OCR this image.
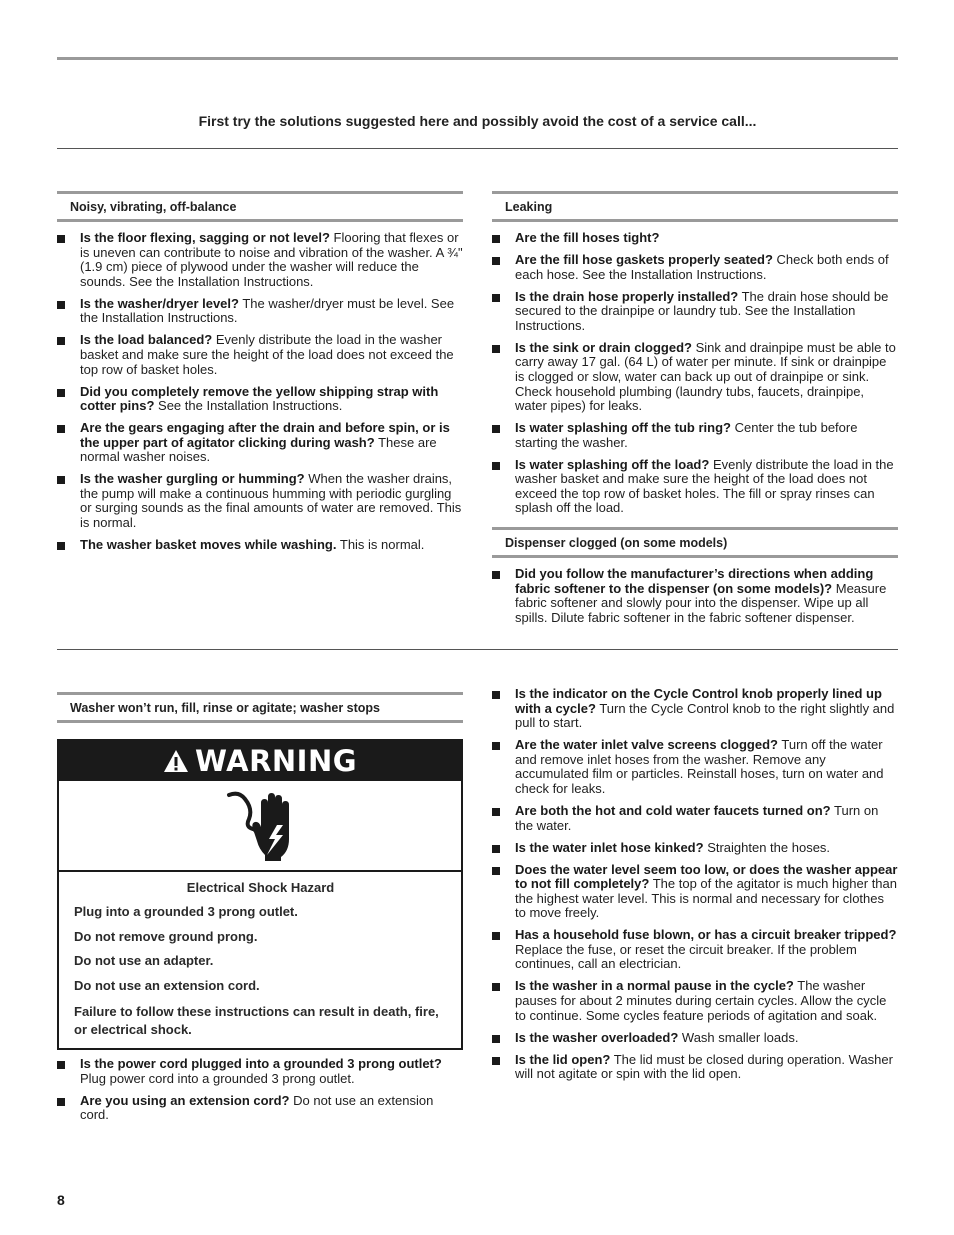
First try the solutions suggested here and possibly avoid the cost of a service call...
Noisy, vibrating, off-balance
Is the floor flexing, sagging or not level? Flooring that flexes or is uneven can contribute to noise and vibration of the washer. A ¾" (1.9 cm) piece of plywood under the washer will reduce the sounds. See the Installation Instructions.
Is the washer/dryer level? The washer/dryer must be level. See the Installation Instructions.
Is the load balanced? Evenly distribute the load in the washer basket and make sure the height of the load does not exceed the top row of basket holes.
Did you completely remove the yellow shipping strap with cotter pins? See the Installation Instructions.
Are the gears engaging after the drain and before spin, or is the upper part of agitator clicking during wash? These are normal washer noises.
Is the washer gurgling or humming? When the washer drains, the pump will make a continuous humming with periodic gurgling or surging sounds as the final amounts of water are removed. This is normal.
The washer basket moves while washing. This is normal.
Leaking
Are the fill hoses tight?
Are the fill hose gaskets properly seated? Check both ends of each hose. See the Installation Instructions.
Is the drain hose properly installed? The drain hose should be secured to the drainpipe or laundry tub. See the Installation Instructions.
Is the sink or drain clogged? Sink and drainpipe must be able to carry away 17 gal. (64 L) of water per minute. If sink or drainpipe is clogged or slow, water can back up out of drainpipe or sink. Check household plumbing (laundry tubs, faucets, drainpipe, water pipes) for leaks.
Is water splashing off the tub ring? Center the tub before starting the washer.
Is water splashing off the load? Evenly distribute the load in the washer basket and make sure the height of the load does not exceed the top row of basket holes. The fill or spray rinses can splash off the load.
Dispenser clogged (on some models)
Did you follow the manufacturer’s directions when adding fabric softener to the dispenser (on some models)? Measure fabric softener and slowly pour into the dispenser. Wipe up all spills. Dilute fabric softener in the fabric softener dispenser.
Washer won’t run, fill, rinse or agitate; washer stops
WARNING
Electrical Shock Hazard

Plug into a grounded 3 prong outlet.

Do not remove ground prong.

Do not use an adapter.

Do not use an extension cord.

Failure to follow these instructions can result in death, fire, or electrical shock.

Is the power cord plugged into a grounded 3 prong outlet? Plug power cord into a grounded 3 prong outlet.
Are you using an extension cord? Do not use an extension cord.
Is the indicator on the Cycle Control knob properly lined up with a cycle? Turn the Cycle Control knob to the right slightly and pull to start.
Are the water inlet valve screens clogged? Turn off the water and remove inlet hoses from the washer. Remove any accumulated film or particles. Reinstall hoses, turn on water and check for leaks.
Are both the hot and cold water faucets turned on? Turn on the water.
Is the water inlet hose kinked? Straighten the hoses.
Does the water level seem too low, or does the washer appear to not fill completely? The top of the agitator is much higher than the highest water level. This is normal and necessary for clothes to move freely.
Has a household fuse blown, or has a circuit breaker tripped? Replace the fuse, or reset the circuit breaker. If the problem continues, call an electrician.
Is the washer in a normal pause in the cycle? The washer pauses for about 2 minutes during certain cycles. Allow the cycle to continue. Some cycles feature periods of agitation and soak.
Is the washer overloaded? Wash smaller loads.
Is the lid open? The lid must be closed during operation. Washer will not agitate or spin with the lid open.
8
